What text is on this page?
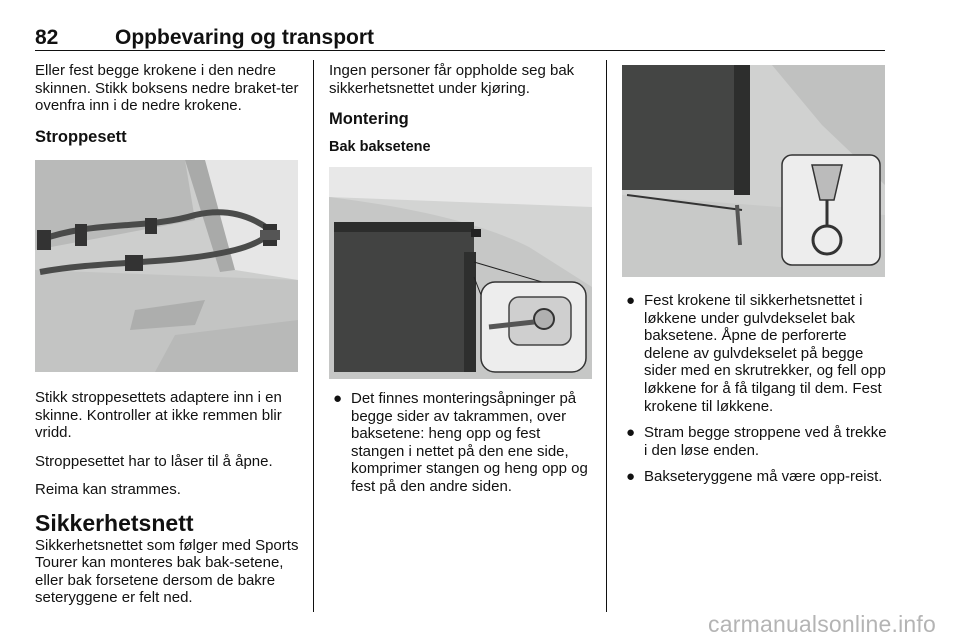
82	Oppbevaring og transport

Eller fest begge krokene i den nedre skinnen. Stikk boksens nedre braket-ter ovenfra inn i de nedre krokene.

Stroppesett

Stikk stroppesettets adaptere inn i en skinne. Kontroller at ikke remmen blir vridd.

Stroppesettet har to låser til å åpne.

Reima kan strammes.

Sikkerhetsnett

Sikkerhetsnettet som følger med Sports Tourer kan monteres bak bak-setene, eller bak forsetene dersom de bakre seteryggene er felt ned.

Ingen personer får oppholde seg bak sikkerhetsnettet under kjøring.

Montering
Bak baksetene
● Det finnes monteringsåpninger på begge sider av takrammen, over baksetene: heng opp og fest stangen i nettet på den ene side, komprimer stangen og heng opp og fest på den andre siden.
● Fest krokene til sikkerhetsnettet i løkkene under gulvdekselet bak baksetene. Åpne de perforerte delene av gulvdekselet på begge sider med en skrutrekker, og fell opp løkkene for å få tilgang til dem. Fest krokene til løkkene.
● Stram begge stroppene ved å trekke i den løse enden.
● Bakseteryggene må være opp-reist.
carmanualsonline.info
